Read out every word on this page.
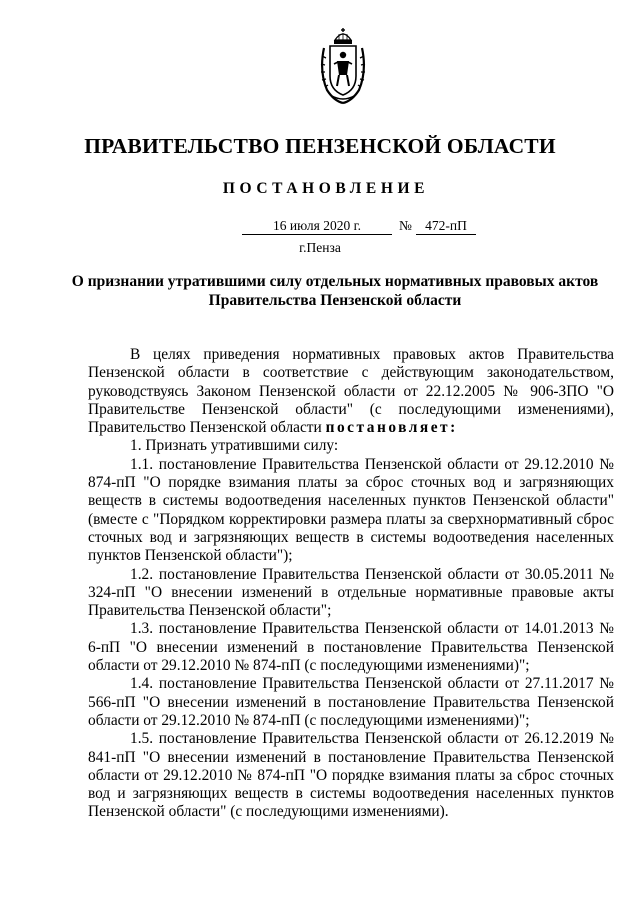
ПРАВИТЕЛЬСТВО ПЕНЗЕНСКОЙ ОБЛАСТИ
ПОСТАНОВЛЕНИЕ
16 июля 2020 г.	№ 472-пП
г.Пенза
О признании утратившими силу отдельных нормативных правовых актов
Правительства Пензенской области

В целях приведения нормативных правовых актов Правительства Пензенской области в соответствие с действующим законодательством, руководствуясь Законом Пензенской области от 22.12.2005 № 906-ЗПО "О Правительстве Пензенской области" (с последующими изменениями), Правительство Пензенской области постановляет:

1. Признать утратившими силу:

1.1. постановление Правительства Пензенской области от 29.12.2010 № 874-пП "О порядке взимания платы за сброс сточных вод и загрязняющих веществ в системы водоотведения населенных пунктов Пензенской области" (вместе с "Порядком корректировки размера платы за сверхнормативный сброс сточных вод и загрязняющих веществ в системы водоотведения населенных пунктов Пензенской области");

1.2. постановление Правительства Пензенской области от 30.05.2011 № 324-пП "О внесении изменений в отдельные нормативные правовые акты Правительства Пензенской области";

1.3. постановление Правительства Пензенской области от 14.01.2013 № 6-пП "О внесении изменений в постановление Правительства Пензенской области от 29.12.2010 № 874-пП (с последующими изменениями)";

1.4. постановление Правительства Пензенской области от 27.11.2017 № 566-пП "О внесении изменений в постановление Правительства Пензенской области от 29.12.2010 № 874-пП (с последующими изменениями)";

1.5. постановление Правительства Пензенской области от 26.12.2019 № 841-пП "О внесении изменений в постановление Правительства Пензенской области от 29.12.2010 № 874-пП "О порядке взимания платы за сброс сточных вод и загрязняющих веществ в системы водоотведения населенных пунктов Пензенской области" (с последующими изменениями).
